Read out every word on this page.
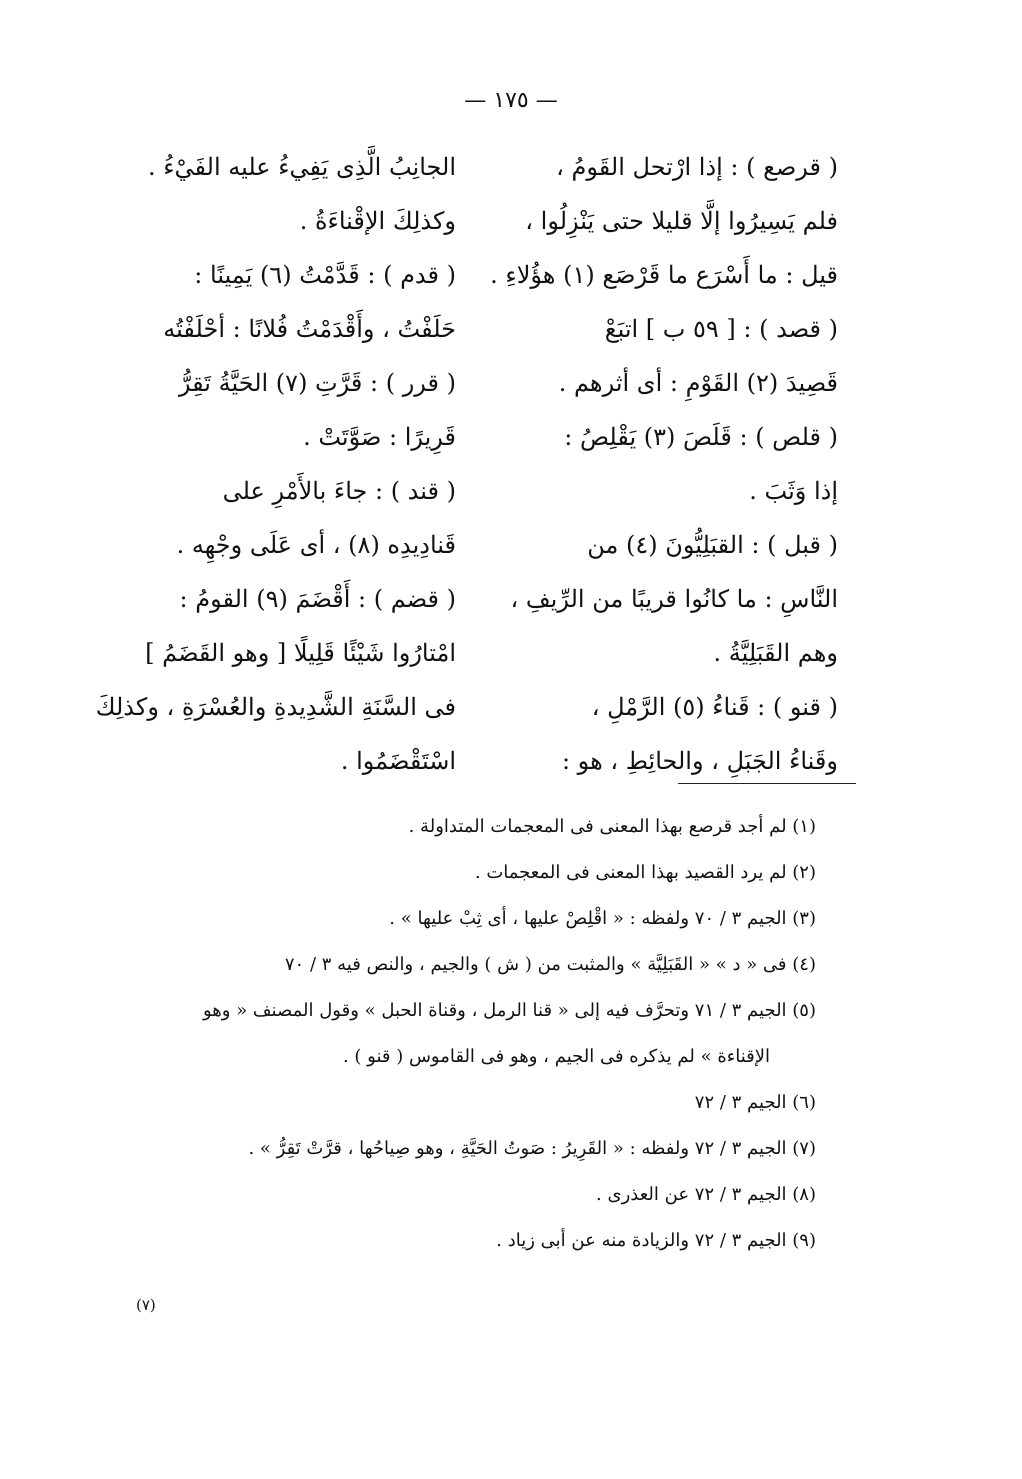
— ١٧٥ —
( قرصع ) : إذا ارْتحل القَومُ ،
فلم يَسِيرُوا إلَّا قليلا حتى يَنْزِلُوا ،
قيل : ما أَسْرَع ما قَرْصَع (١) هؤُلاءِ .
( قصد ) : [ ٥٩ ب ] اتبَعْ
قَصِيدَ (٢) القَوْمِ : أى أثرهم .
( قلص ) : قَلَصَ (٣) يَقْلِصُ :
إذا وَثَبَ .
( قبل ) : القبَلِيُّونَ (٤) من
النَّاسِ : ما كانُوا قريبًا من الرِّيفِ ،
وهم القَبَلِيَّةُ .
( قنو ) : قَناءُ (٥) الرَّمْلِ ،
وقَناءُ الجَبَلِ ، والحائِطِ ، هو :
الجانِبُ الَّذِى يَفِيءُ عليه الفَيْءُ .
وكذلِكَ الإقْناءَةُ .
( قدم ) : قَدَّمْتُ (٦) يَمِينًا :
حَلَفْتُ ، وأَقْدَمْتُ فُلانًا : أحْلَفْتُه
( قرر ) : قَرَّتِ (٧) الحَيَّةُ تَقِرُّ
قَرِيرًا : صَوَّتَتْ .
( قند ) : جاءَ بالأَمْرِ على
قَنادِيدِه (٨) ، أى عَلَى وجْهِه .
( قضم ) : أَقْضَمَ (٩) القومُ :
امْتارُوا شَيْئًا قَلِيلًا [ وهو القَضَمُ ]
فى السَّنَةِ الشَّدِيدةِ والعُسْرَةِ ، وكذلِكَ
اسْتَقْضَمُوا .
(١) لم أجد قرصع بهذا المعنى فى المعجمات المتداولة .
(٢) لم يرد القصيد بهذا المعنى فى المعجمات .
(٣) الجيم ٣ / ٧٠ ولفظه : « اقْلِصْ عليها ، أى ثِبْ عليها » .
(٤) فى « د » « القَبَلِيَّة » والمثبت من ( ش ) والجيم ، والنص فيه ٣ / ٧٠
(٥) الجيم ٣ / ٧١ وتحرَّف فيه إلى « قنا الرمل ، وقناة الحبل » وقول المصنف « وهو
الإقناءة » لم يذكره فى الجيم ، وهو فى القاموس ( قنو ) .
(٦) الجيم ٣ / ٧٢
(٧) الجيم ٣ / ٧٢ ولفظه : « القَرِيرُ : صَوتُ الحَيَّةِ ، وهو صِياحُها ، قرَّتْ تَقِرُّ » .
(٨) الجيم ٣ / ٧٢ عن العذرى .
(٩) الجيم ٣ / ٧٢ والزيادة منه عن أبى زياد .
(٧)
